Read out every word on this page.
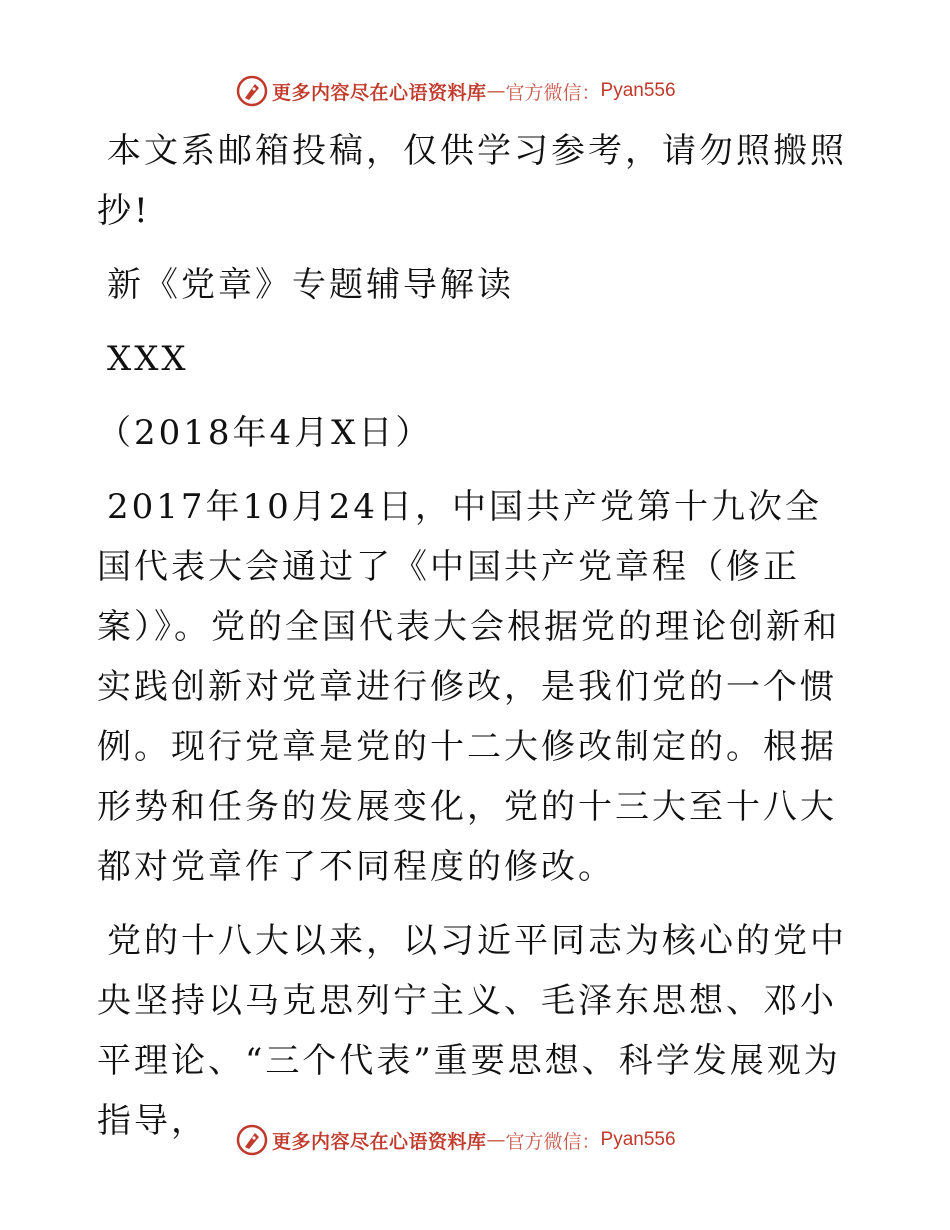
更多内容尽在心语资料库 — 官方微信： Pyan556

本文系邮箱投稿，仅供学习参考，请勿照搬照抄!

新《党章》专题辅导解读

XXX

（2018年4月X日）

2017年10月24日，中国共产党第十九次全国代表大会通过了《中国共产党章程（修正案）》。党的全国代表大会根据党的理论创新和实践创新对党章进行修改，是我们党的一个惯例。现行党章是党的十二大修改制定的。根据形势和任务的发展变化，党的十三大至十八大都对党章作了不同程度的修改。

党的十八大以来，以习近平同志为核心的党中央坚持以马克思列宁主义、毛泽东思想、邓小平理论、“三个代表”重要思想、科学发展观为指导，

更多内容尽在心语资料库 — 官方微信： Pyan556
